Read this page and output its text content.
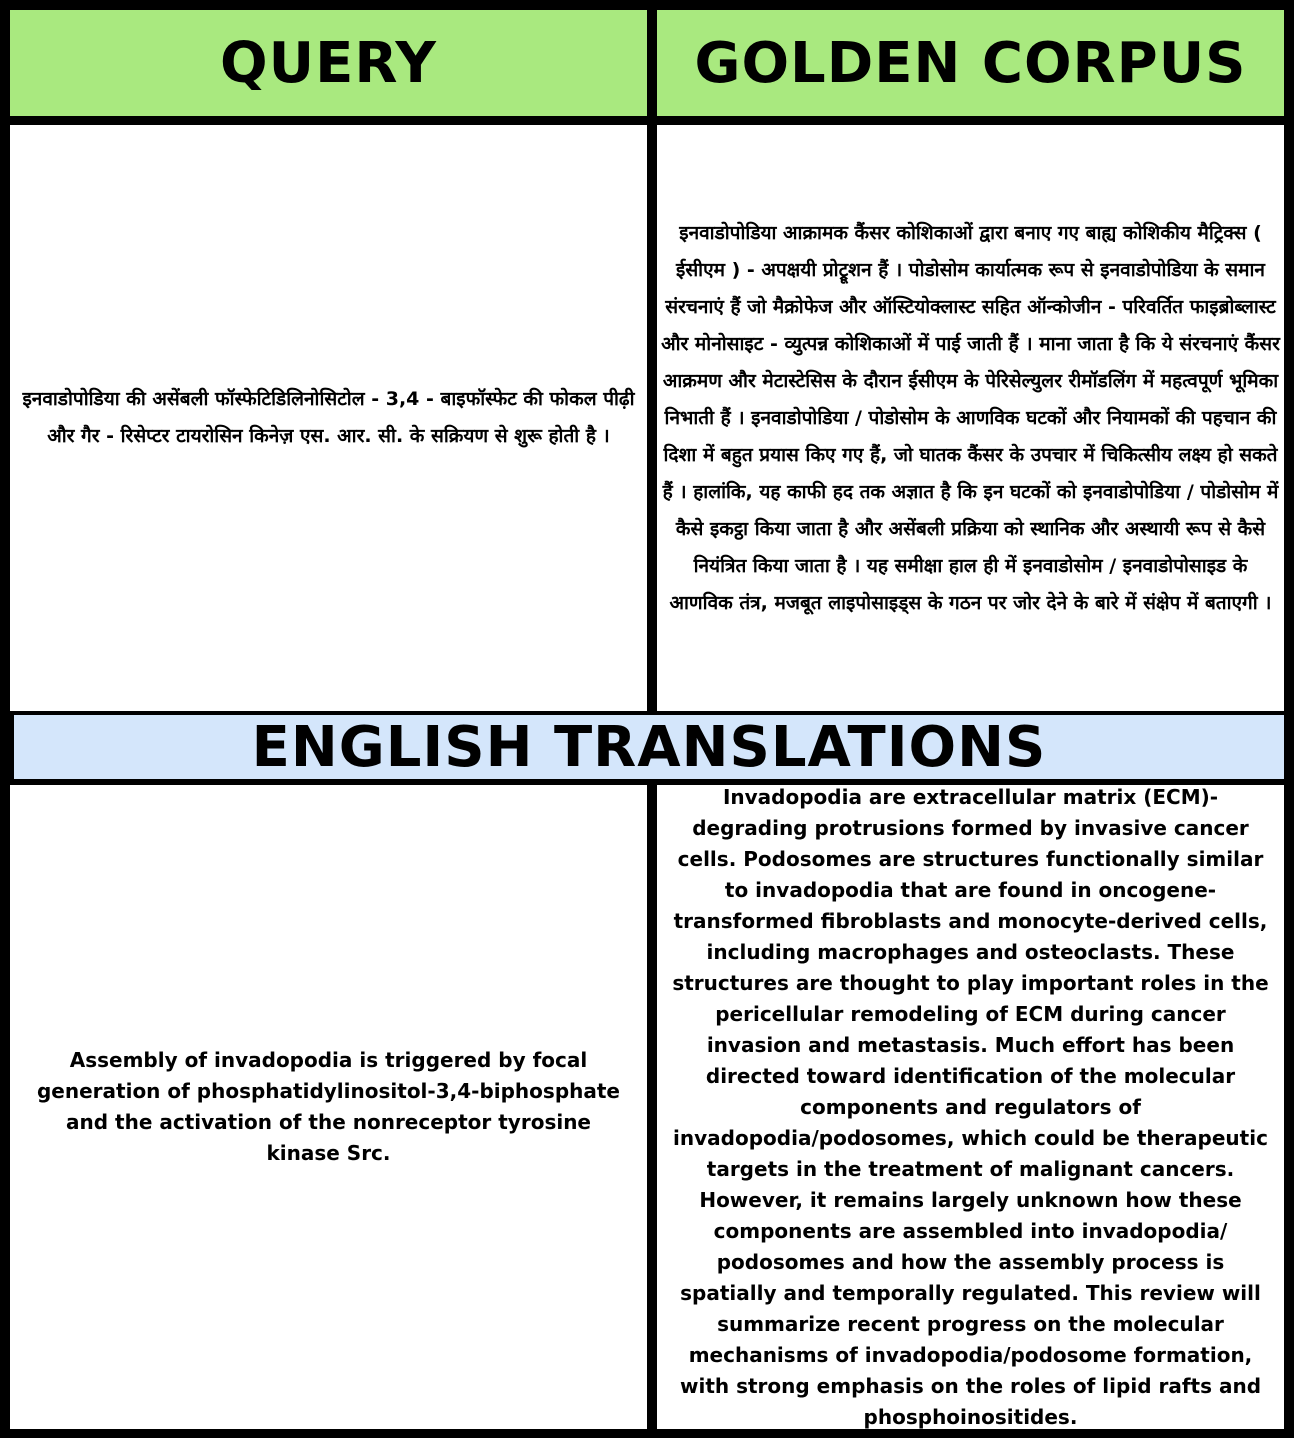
QUERY	GOLDEN CORPUS
इनवाडोपोडिया की असेंबली फॉस्फेटिडिलिनोसिटोल - 3,4 - बाइफॉस्फेट की फोकल पीढ़ी और गैर - रिसेप्टर टायरोसिन किनेज़ एस. आर. सी. के सक्रियण से शुरू होती है ।
इनवाडोपोडिया आक्रामक कैंसर कोशिकाओं द्वारा बनाए गए बाह्य कोशिकीय मैट्रिक्स ( ईसीएम ) - अपक्षयी प्रोट्रूशन हैं । पोडोसोम कार्यात्मक रूप से इनवाडोपोडिया के समान संरचनाएं हैं जो मैक्रोफेज और ऑस्टियोक्लास्ट सहित ऑन्कोजीन - परिवर्तित फाइब्रोब्लास्ट और मोनोसाइट - व्युत्पन्न कोशिकाओं में पाई जाती हैं । माना जाता है कि ये संरचनाएं कैंसर आक्रमण और मेटास्टेसिस के दौरान ईसीएम के पेरिसेल्युलर रीमॉडलिंग में महत्वपूर्ण भूमिका निभाती हैं । इनवाडोपोडिया / पोडोसोम के आणविक घटकों और नियामकों की पहचान की दिशा में बहुत प्रयास किए गए हैं, जो घातक कैंसर के उपचार में चिकित्सीय लक्ष्य हो सकते हैं । हालांकि, यह काफी हद तक अज्ञात है कि इन घटकों को इनवाडोपोडिया / पोडोसोम में कैसे इकट्ठा किया जाता है और असेंबली प्रक्रिया को स्थानिक और अस्थायी रूप से कैसे नियंत्रित किया जाता है । यह समीक्षा हाल ही में इनवाडोसोम / इनवाडोपोसाइड के आणविक तंत्र, मजबूत लाइपोसाइड्स के गठन पर जोर देने के बारे में संक्षेप में बताएगी ।
ENGLISH TRANSLATIONS
Assembly of invadopodia is triggered by focal generation of phosphatidylinositol-3,4-biphosphate and the activation of the nonreceptor tyrosine kinase Src.
Invadopodia are extracellular matrix (ECM)-degrading protrusions formed by invasive cancer cells. Podosomes are structures functionally similar to invadopodia that are found in oncogene-transformed fibroblasts and monocyte-derived cells, including macrophages and osteoclasts. These structures are thought to play important roles in the pericellular remodeling of ECM during cancer invasion and metastasis. Much effort has been directed toward identification of the molecular components and regulators of invadopodia/podosomes, which could be therapeutic targets in the treatment of malignant cancers. However, it remains largely unknown how these components are assembled into invadopodia/ podosomes and how the assembly process is spatially and temporally regulated. This review will summarize recent progress on the molecular mechanisms of invadopodia/podosome formation, with strong emphasis on the roles of lipid rafts and phosphoinositides.
